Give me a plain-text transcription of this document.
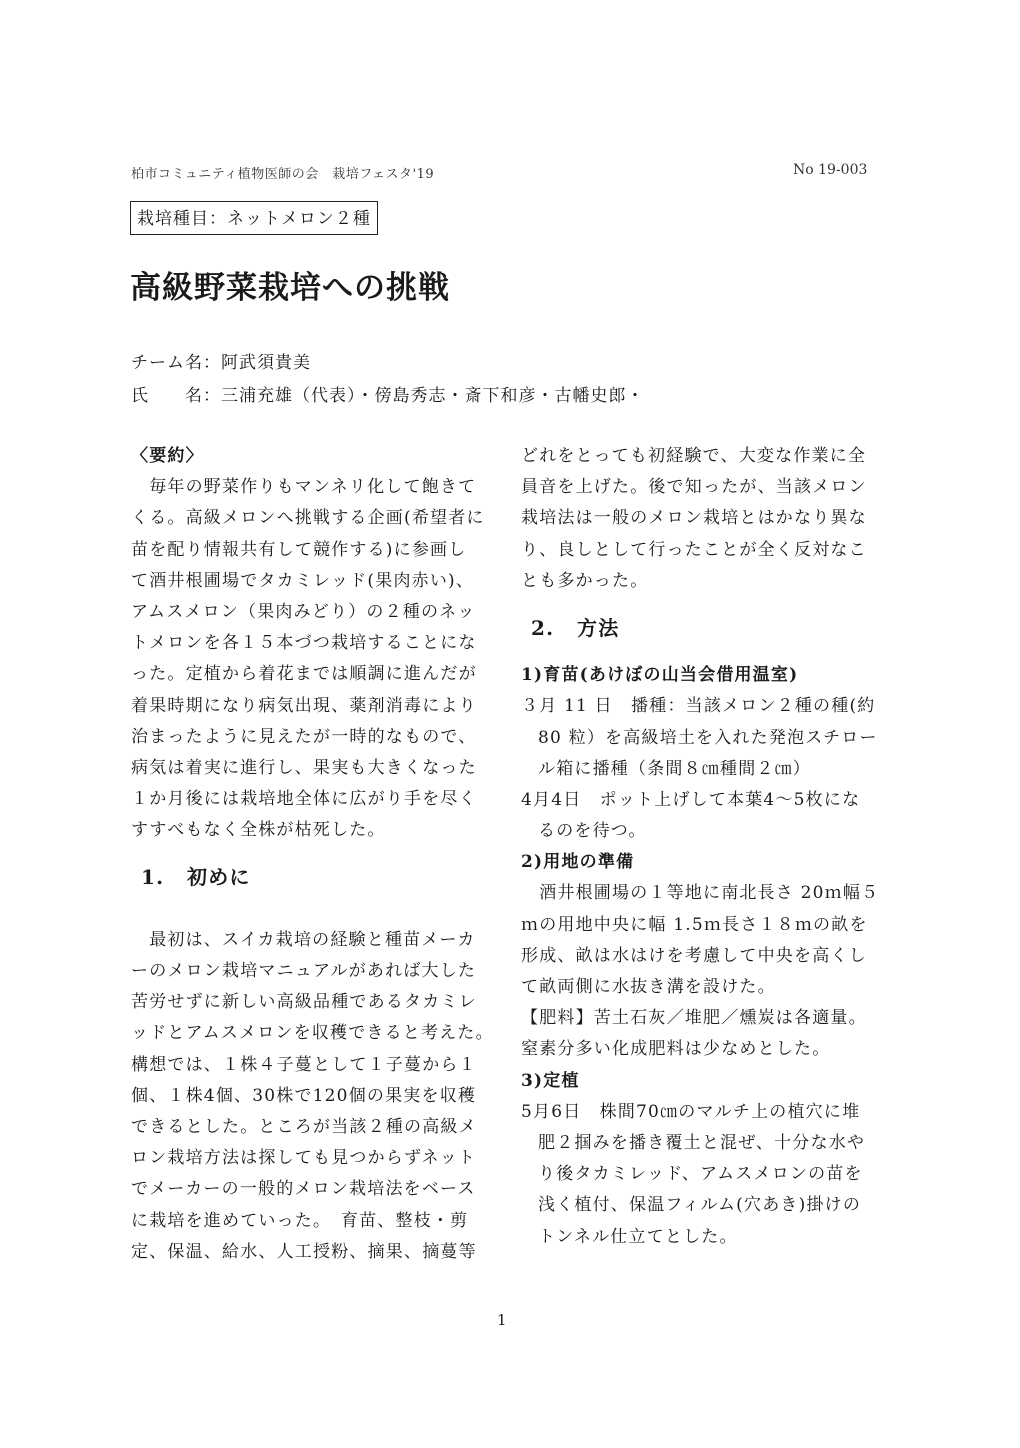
柏市コミュニティ植物医師の会　栽培フェスタ'19	No 19-003
栽培種目：ネットメロン２種
高級野菜栽培への挑戦
チーム名：阿武須貴美
氏　　名：三浦充雄（代表）・傍島秀志・斎下和彦・古幡史郎・
〈要約〉
　毎年の野菜作りもマンネリ化して飽きて
くる。高級メロンへ挑戦する企画(希望者に
苗を配り情報共有して競作する)に参画し
て酒井根圃場でタカミレッド(果肉赤い)、
アムスメロン（果肉みどり）の２種のネッ
トメロンを各１５本づつ栽培することにな
った。定植から着花までは順調に進んだが
着果時期になり病気出現、薬剤消毒により
治まったように見えたが一時的なもので、
病気は着実に進行し、果実も大きくなった
１か月後には栽培地全体に広がり手を尽く
すすべもなく全株が枯死した。
1. 初めに
　最初は、スイカ栽培の経験と種苗メーカ
ーのメロン栽培マニュアルがあれば大した
苦労せずに新しい高級品種であるタカミレ
ッドとアムスメロンを収穫できると考えた。
構想では、１株４子蔓として１子蔓から１
個、１株4個、30株で120個の果実を収穫
できるとした。ところが当該２種の高級メ
ロン栽培方法は探しても見つからずネット
でメーカーの一般的メロン栽培法をベース
に栽培を進めていった。　育苗、整枝・剪
定、保温、給水、人工授粉、摘果、摘蔓等
どれをとっても初経験で、大変な作業に全
員音を上げた。後で知ったが、当該メロン
栽培法は一般のメロン栽培とはかなり異な
り、良しとして行ったことが全く反対なこ
とも多かった。
2. 方法
1)育苗(あけぼの山当会借用温室)
３月 11 日　播種：当該メロン２種の種(約
80 粒）を高級培土を入れた発泡スチロー
ル箱に播種（条間８㎝種間２㎝）
4月4日　ポット上げして本葉4～5枚にな
るのを待つ。
2)用地の準備
　酒井根圃場の１等地に南北長さ 20ｍ幅５
ｍの用地中央に幅 1.5ｍ長さ１８ｍの畝を
形成、畝は水はけを考慮して中央を高くし
て畝両側に水抜き溝を設けた。
【肥料】苦土石灰／堆肥／燻炭は各適量。
窒素分多い化成肥料は少なめとした。
3)定植
5月6日　株間70㎝のマルチ上の植穴に堆
肥２掴みを播き覆土と混ぜ、十分な水や
り後タカミレッド、アムスメロンの苗を
浅く植付、保温フィルム(穴あき)掛けの
トンネル仕立てとした。
1
